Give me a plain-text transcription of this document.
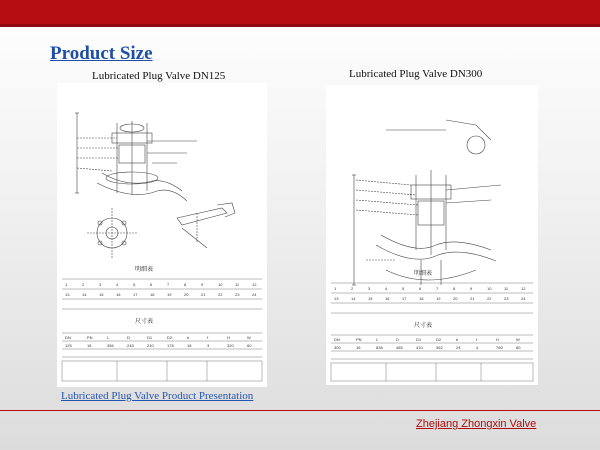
Product Size
Lubricated Plug Valve DN125	Lubricated Plug Valve DN300
明细表
1	2	3	4	5	6	7	8	9	10	11	12
13	14	15	16	17	18	19	20	21	22	23	24
尺寸表
DN	PN	L	D	D1	D2	b	f	H	W
125	16	356	245	210	178	18	3	320	60
明细表
1	2	3	4	5	6	7	8	9	10	11	12
13	14	15	16	17	18	19	20	21	22	23	24
尺寸表
DN	PN	L	D	D1	D2	b	f	H	W
300	16	838	485	410	362	24	4	760	80
Lubricated Plug Valve Product Presentation
Zhejiang Zhongxin Valve
